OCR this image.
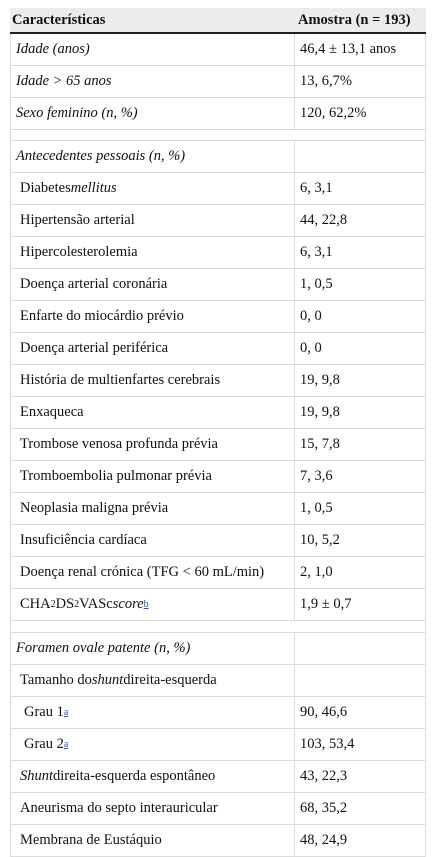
Características	Amostra (n = 193)
Idade (anos)	46,4 ± 13,1 anos
Idade > 65 anos	13, 6,7%
Sexo feminino (n, %)	120, 62,2%
Antecedentes pessoais (n, %)
Diabetes mellitus	6, 3,1
Hipertensão arterial	44, 22,8
Hipercolesterolemia	6, 3,1
Doença arterial coronária	1, 0,5
Enfarte do miocárdio prévio	0, 0
Doença arterial periférica	0, 0
História de multienfartes cerebrais	19, 9,8
Enxaqueca	19, 9,8
Trombose venosa profunda prévia	15, 7,8
Tromboembolia pulmonar prévia	7, 3,6
Neoplasia maligna prévia	1, 0,5
Insuficiência cardíaca	10, 5,2
Doença renal crónica (TFG < 60 mL/min)	2, 1,0
CHA 2 DS 2 VASc score b	1,9 ± 0,7
Foramen ovale patente (n, %)
Tamanho do shunt direita-esquerda
Grau 1 a	90, 46,6
Grau 2 a	103, 53,4
Shunt direita-esquerda espontâneo	43, 22,3
Aneurisma do septo interauricular	68, 35,2
Membrana de Eustáquio	48, 24,9
